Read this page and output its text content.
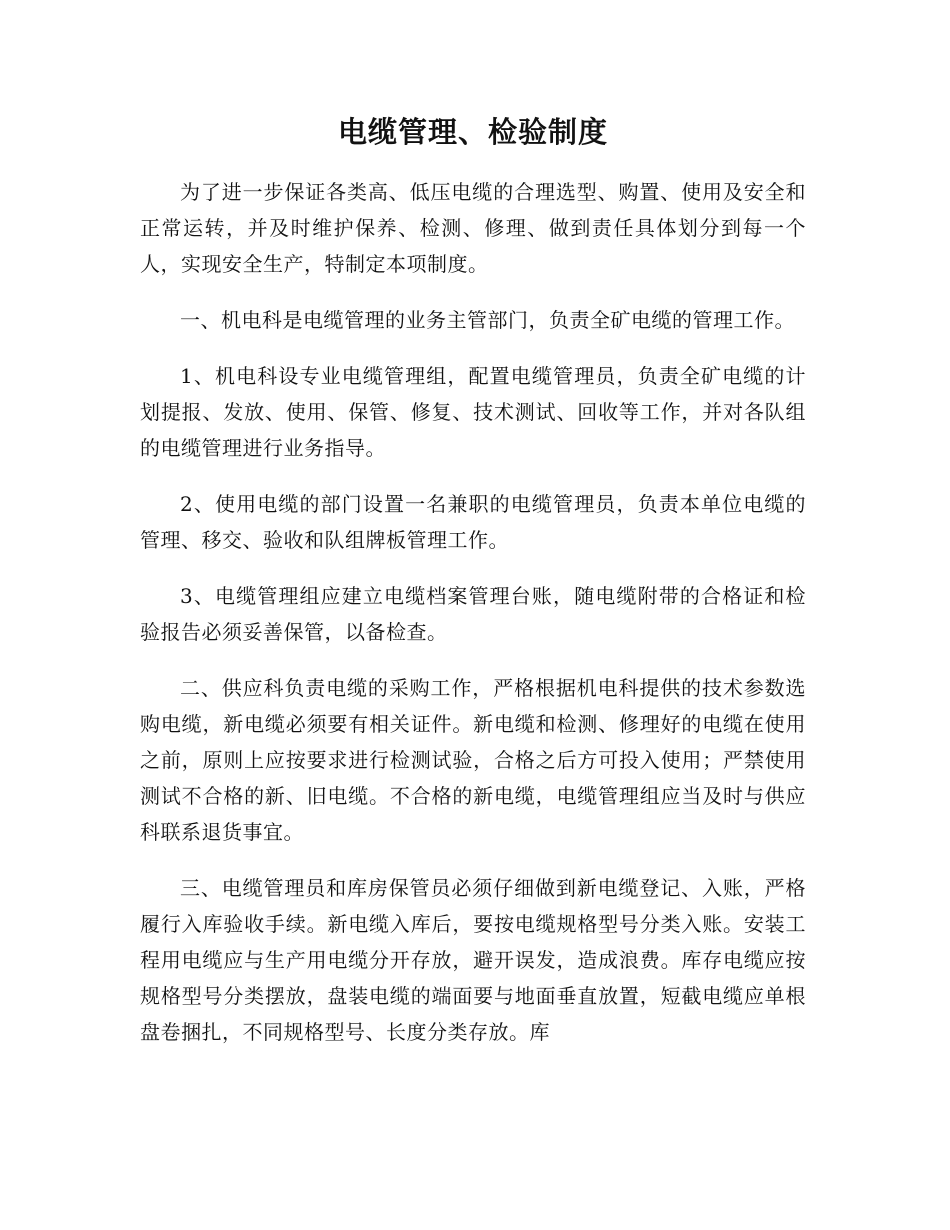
电缆管理、检验制度

为了进一步保证各类高、低压电缆的合理选型、购置、使用及安全和正常运转，并及时维护保养、检测、修理、做到责任具体划分到每一个人，实现安全生产，特制定本项制度。

一、机电科是电缆管理的业务主管部门，负责全矿电缆的管理工作。

1、机电科设专业电缆管理组，配置电缆管理员，负责全矿电缆的计划提报、发放、使用、保管、修复、技术测试、回收等工作，并对各队组的电缆管理进行业务指导。

2、使用电缆的部门设置一名兼职的电缆管理员，负责本单位电缆的管理、移交、验收和队组牌板管理工作。

3、电缆管理组应建立电缆档案管理台账，随电缆附带的合格证和检验报告必须妥善保管，以备检查。

二、供应科负责电缆的采购工作，严格根据机电科提供的技术参数选购电缆，新电缆必须要有相关证件。新电缆和检测、修理好的电缆在使用之前，原则上应按要求进行检测试验，合格之后方可投入使用；严禁使用测试不合格的新、旧电缆。不合格的新电缆，电缆管理组应当及时与供应科联系退货事宜。

三、电缆管理员和库房保管员必须仔细做到新电缆登记、入账，严格履行入库验收手续。新电缆入库后，要按电缆规格型号分类入账。安装工程用电缆应与生产用电缆分开存放，避开误发，造成浪费。库存电缆应按规格型号分类摆放，盘装电缆的端面要与地面垂直放置，短截电缆应单根盘卷捆扎，不同规格型号、长度分类存放。库
